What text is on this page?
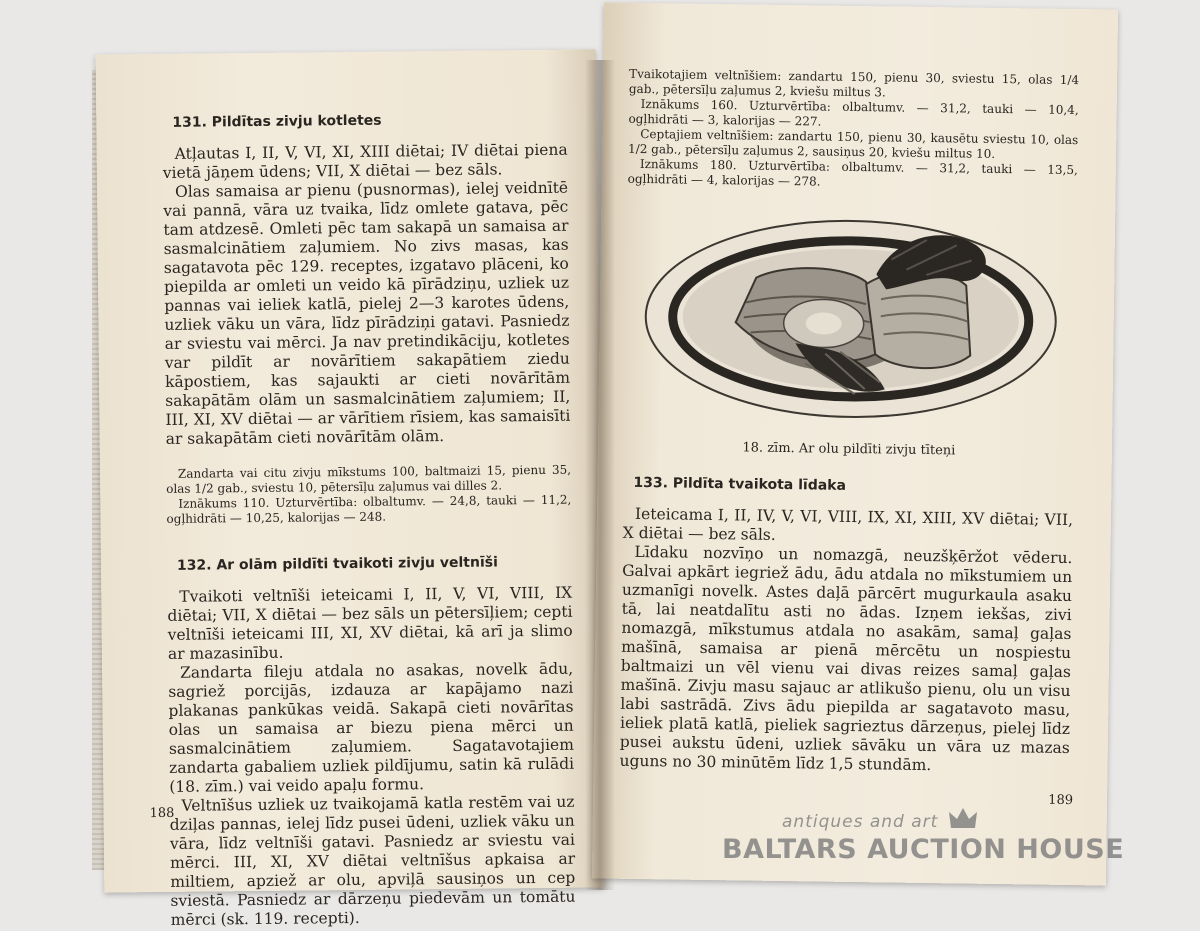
131. Pildītas zivju kotletes

Atļautas I, II, V, VI, XI, XIII diētai; IV diētai piena vietā jāņem ūdens; VII, X diētai — bez sāls.

Olas samaisa ar pienu (pusnormas), ielej veidnītē vai pannā, vāra uz tvaika, līdz omlete gatava, pēc tam atdzesē. Omleti pēc tam sakapā un samaisa ar sasmalcinātiem zaļumiem. No zivs masas, kas sagatavota pēc 129. receptes, izgatavo plāceni, ko piepilda ar omleti un veido kā pīrādziņu, uzliek uz pannas vai ieliek katlā, pielej 2—3 karotes ūdens, uzliek vāku un vāra, līdz pīrādziņi gatavi. Pasniedz ar sviestu vai mērci. Ja nav pretindikāciju, kotletes var pildīt ar novārītiem sakapātiem ziedu kāpostiem, kas sajaukti ar cieti novārītām sakapātām olām un sasmalcinātiem zaļumiem; II, III, XI, XV diētai — ar vārītiem rīsiem, kas samaisīti ar sakapātām cieti novārītām olām.

Zandarta vai citu zivju mīkstums 100, baltmaizi 15, pienu 35, olas 1/2 gab., sviestu 10, pētersīļu zaļumus vai dilles 2.
Iznākums 110. Uzturvērtība: olbaltumv. — 24,8, tauki — 11,2, ogļhidrāti — 10,25, kalorijas — 248.
132. Ar olām pildīti tvaikoti zivju veltnīši

Tvaikoti veltnīši ieteicami I, II, V, VI, VIII, IX diētai; VII, X diētai — bez sāls un pētersīļiem; cepti veltnīši ieteicami III, XI, XV diētai, kā arī ja slimo ar mazasinību.

Zandarta fileju atdala no asakas, novelk ādu, sagriež porcijās, izdauza ar kapājamo nazi plakanas pankūkas veidā. Sakapā cieti novārītas olas un samaisa ar biezu piena mērci un sasmalcinātiem zaļumiem. Sagatavotajiem zandarta gabaliem uzliek pildījumu, satin kā rulādi (18. zīm.) vai veido apaļu formu.

Veltnīšus uzliek uz tvaikojamā katla restēm vai uz dziļas pannas, ielej līdz pusei ūdeni, uzliek vāku un vāra, līdz veltnīši gatavi. Pasniedz ar sviestu vai mērci. III, XI, XV diētai veltnīšus apkaisa ar miltiem, apziež ar olu, apviļā sausiņos un cep sviestā. Pasniedz ar dārzeņu piedevām un tomātu mērci (sk. 119. recepti).

188
Tvaikotajiem veltnīšiem: zandartu 150, pienu 30, sviestu 15, olas 1/4 gab., pētersīļu zaļumus 2, kviešu miltus 3.
Iznākums 160. Uzturvērtība: olbaltumv. — 31,2, tauki — 10,4, ogļhidrāti — 3, kalorijas — 227.
Ceptajiem veltnīšiem: zandartu 150, pienu 30, kausētu sviestu 10, olas 1/2 gab., pētersīļu zaļumus 2, sausiņus 20, kviešu miltus 10.
Iznākums 180. Uzturvērtība: olbaltumv. — 31,2, tauki — 13,5, ogļhidrāti — 4, kalorijas — 278.
18. zīm. Ar olu pildīti zivju tīteņi
133. Pildīta tvaikota līdaka

Ieteicama I, II, IV, V, VI, VIII, IX, XI, XIII, XV diētai; VII, X diētai — bez sāls.

Līdaku nozvīņo un nomazgā, neuzšķēržot vēderu. Galvai apkārt iegriež ādu, ādu atdala no mīkstumiem un uzmanīgi novelk. Astes daļā pārcērt mugurkaula asaku tā, lai neatdalītu asti no ādas. Izņem iekšas, zivi nomazgā, mīkstumus atdala no asakām, samaļ gaļas mašīnā, samaisa ar pienā mērcētu un nospiestu baltmaizi un vēl vienu vai divas reizes samaļ gaļas mašīnā. Zivju masu sajauc ar atlikušo pienu, olu un visu labi sastrādā. Zivs ādu piepilda ar sagatavoto masu, ieliek platā katlā, pieliek sagrieztus dārzeņus, pielej līdz pusei aukstu ūdeni, uzliek sāvāku un vāra uz mazas uguns no 30 minūtēm līdz 1,5 stundām.

189
antiques and art
BALTARS AUCTION HOUSE
